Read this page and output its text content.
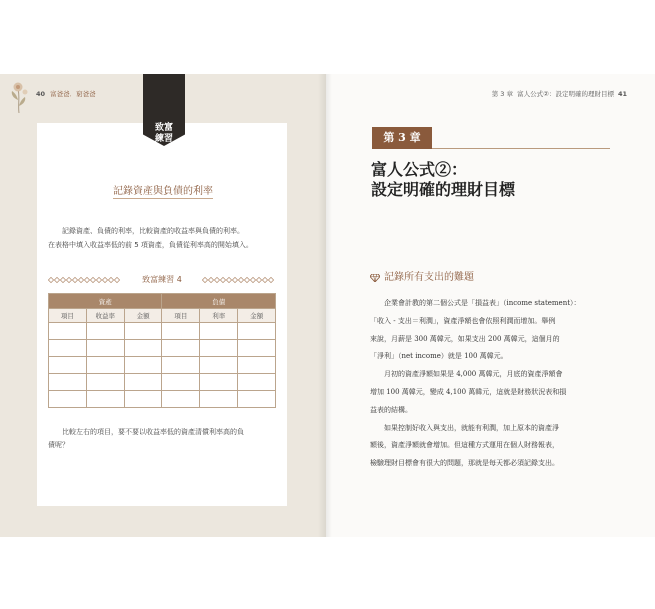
40 富爸爸．窮爸爸	第 3 章 富人公式②：設定明確的理財目標 41
致富
練習
記錄資產與負債的利率

記錄資產、負債的利率，比較資產的收益率與負債的利率。

在表格中填入收益率低的前 5 項資產，負債從利率高的開始填入。

致富練習 4
資產			負債		
項目	收益率	金額	項目	利率	金額

比較左右的項目，要不要以收益率低的資產清償利率高的負

債呢？
第 3 章
富人公式②：
設定明確的理財目標
記錄所有支出的難題

企業會計教的第二個公式是「損益表」（income statement）：

「收入 - 支出＝利潤」，資產淨額也會依照利潤而增加。舉例

來說，月薪是 300 萬韓元，如果支出 200 萬韓元，這個月的

「淨利」（net income）就是 100 萬韓元。

月初的資產淨額如果是 4,000 萬韓元，月底的資產淨額會

增加 100 萬韓元，變成 4,100 萬韓元，這就是財務狀況表和損

益表的結構。

如果控制好收入與支出，就能有利潤，加上原本的資產淨

額後，資產淨額就會增加。但這種方式運用在個人財務報表，

檢驗理財目標會有很大的問題，那就是每天都必須記錄支出。
